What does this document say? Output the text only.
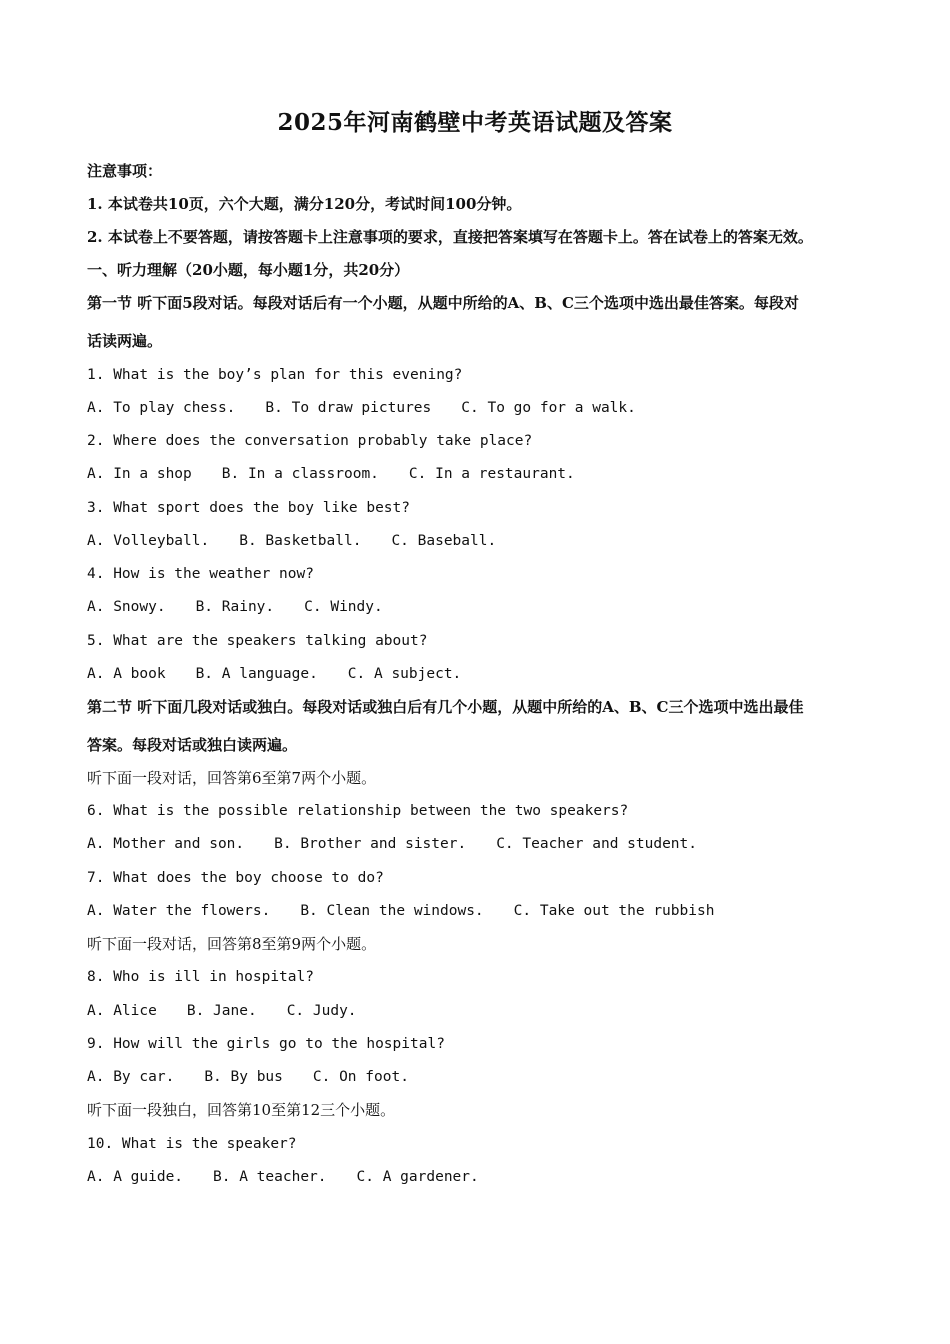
2025年河南鹤壁中考英语试题及答案
注意事项：
1. 本试卷共10页，六个大题，满分120分，考试时间100分钟。
2. 本试卷上不要答题，请按答题卡上注意事项的要求，直接把答案填写在答题卡上。答在试卷上的答案无效。
一、听力理解（20小题，每小题1分，共20分）
第一节 听下面5段对话。每段对话后有一个小题，从题中所给的A、B、C三个选项中选出最佳答案。每段对
话读两遍。
1. What is the boy’s plan for this evening?
A. To play chess. B. To draw pictures C. To go for a walk.
2. Where does the conversation probably take place?
A. In a shop B. In a classroom. C. In a restaurant.
3. What sport does the boy like best?
A. Volleyball. B. Basketball. C. Baseball.
4. How is the weather now?
A. Snowy. B. Rainy. C. Windy.
5. What are the speakers talking about?
A. A book B. A language. C. A subject.
第二节 听下面几段对话或独白。每段对话或独白后有几个小题，从题中所给的A、B、C三个选项中选出最佳
答案。每段对话或独白读两遍。
听下面一段对话，回答第6至第7两个小题。
6. What is the possible relationship between the two speakers?
A. Mother and son. B. Brother and sister. C. Teacher and student.
7. What does the boy choose to do?
A. Water the flowers. B. Clean the windows. C. Take out the rubbish
听下面一段对话，回答第8至第9两个小题。
8. Who is ill in hospital?
A. Alice B. Jane. C. Judy.
9. How will the girls go to the hospital?
A. By car. B. By bus C. On foot.
听下面一段独白，回答第10至第12三个小题。
10. What is the speaker?
A. A guide. B. A teacher. C. A gardener.
